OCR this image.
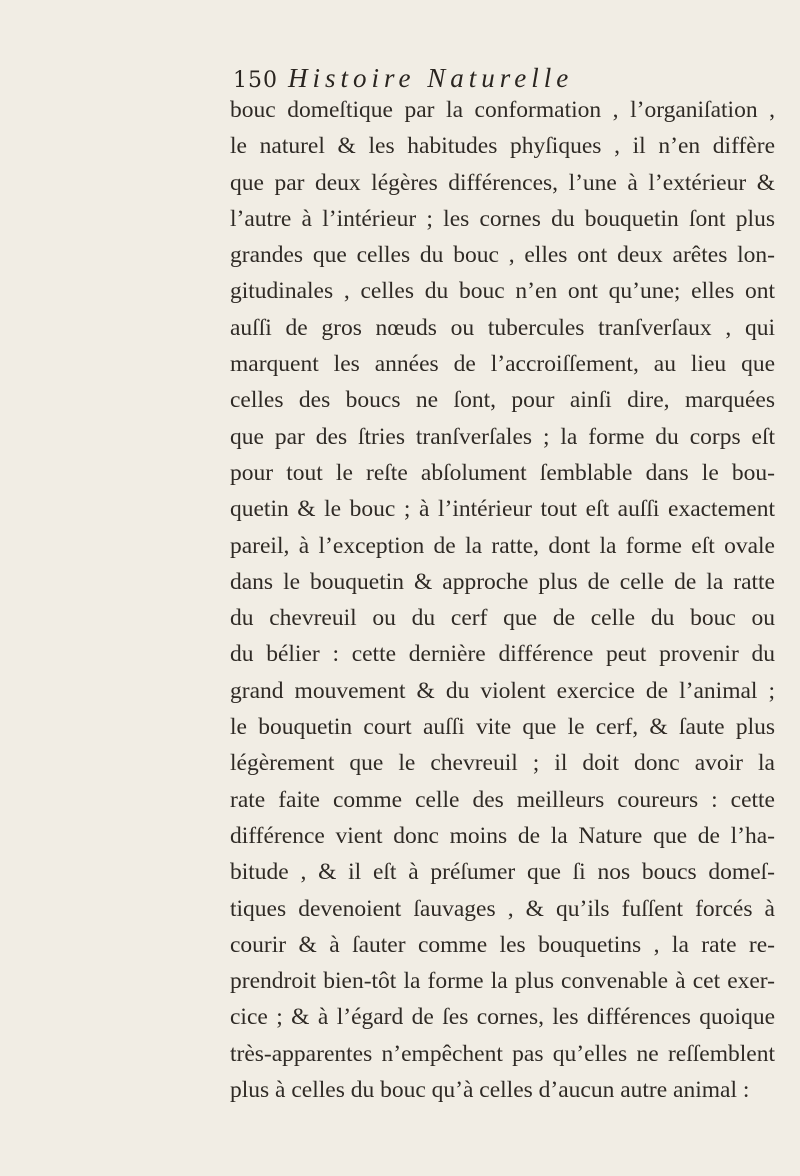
150 Histoire Naturelle
bouc domeſtique par la conformation , l’organiſation ,
le naturel & les habitudes phyſiques , il n’en diffère
que par deux légères différences, l’une à l’extérieur &
l’autre à l’intérieur ; les cornes du bouquetin ſont plus
grandes que celles du bouc , elles ont deux arêtes lon-
gitudinales , celles du bouc n’en ont qu’une; elles ont
auſſi de gros nœuds ou tubercules tranſverſaux , qui
marquent les années de l’accroiſſement, au lieu que
celles des boucs ne ſont, pour ainſi dire, marquées
que par des ſtries tranſverſales ; la forme du corps eſt
pour tout le reſte abſolument ſemblable dans le bou-
quetin & le bouc ; à l’intérieur tout eſt auſſi exactement
pareil, à l’exception de la ratte, dont la forme eſt ovale
dans le bouquetin & approche plus de celle de la ratte
du chevreuil ou du cerf que de celle du bouc ou
du bélier : cette dernière différence peut provenir du
grand mouvement & du violent exercice de l’animal ;
le bouquetin court auſſi vite que le cerf, & ſaute plus
légèrement que le chevreuil ; il doit donc avoir la
rate faite comme celle des meilleurs coureurs : cette
différence vient donc moins de la Nature que de l’ha-
bitude , & il eſt à préſumer que ſi nos boucs domeſ-
tiques devenoient ſauvages , & qu’ils fuſſent forcés à
courir & à ſauter comme les bouquetins , la rate re-
prendroit bien-tôt la forme la plus convenable à cet exer-
cice ; & à l’égard de ſes cornes, les différences quoique
très-apparentes n’empêchent pas qu’elles ne reſſemblent
plus à celles du bouc qu’à celles d’aucun autre animal :
